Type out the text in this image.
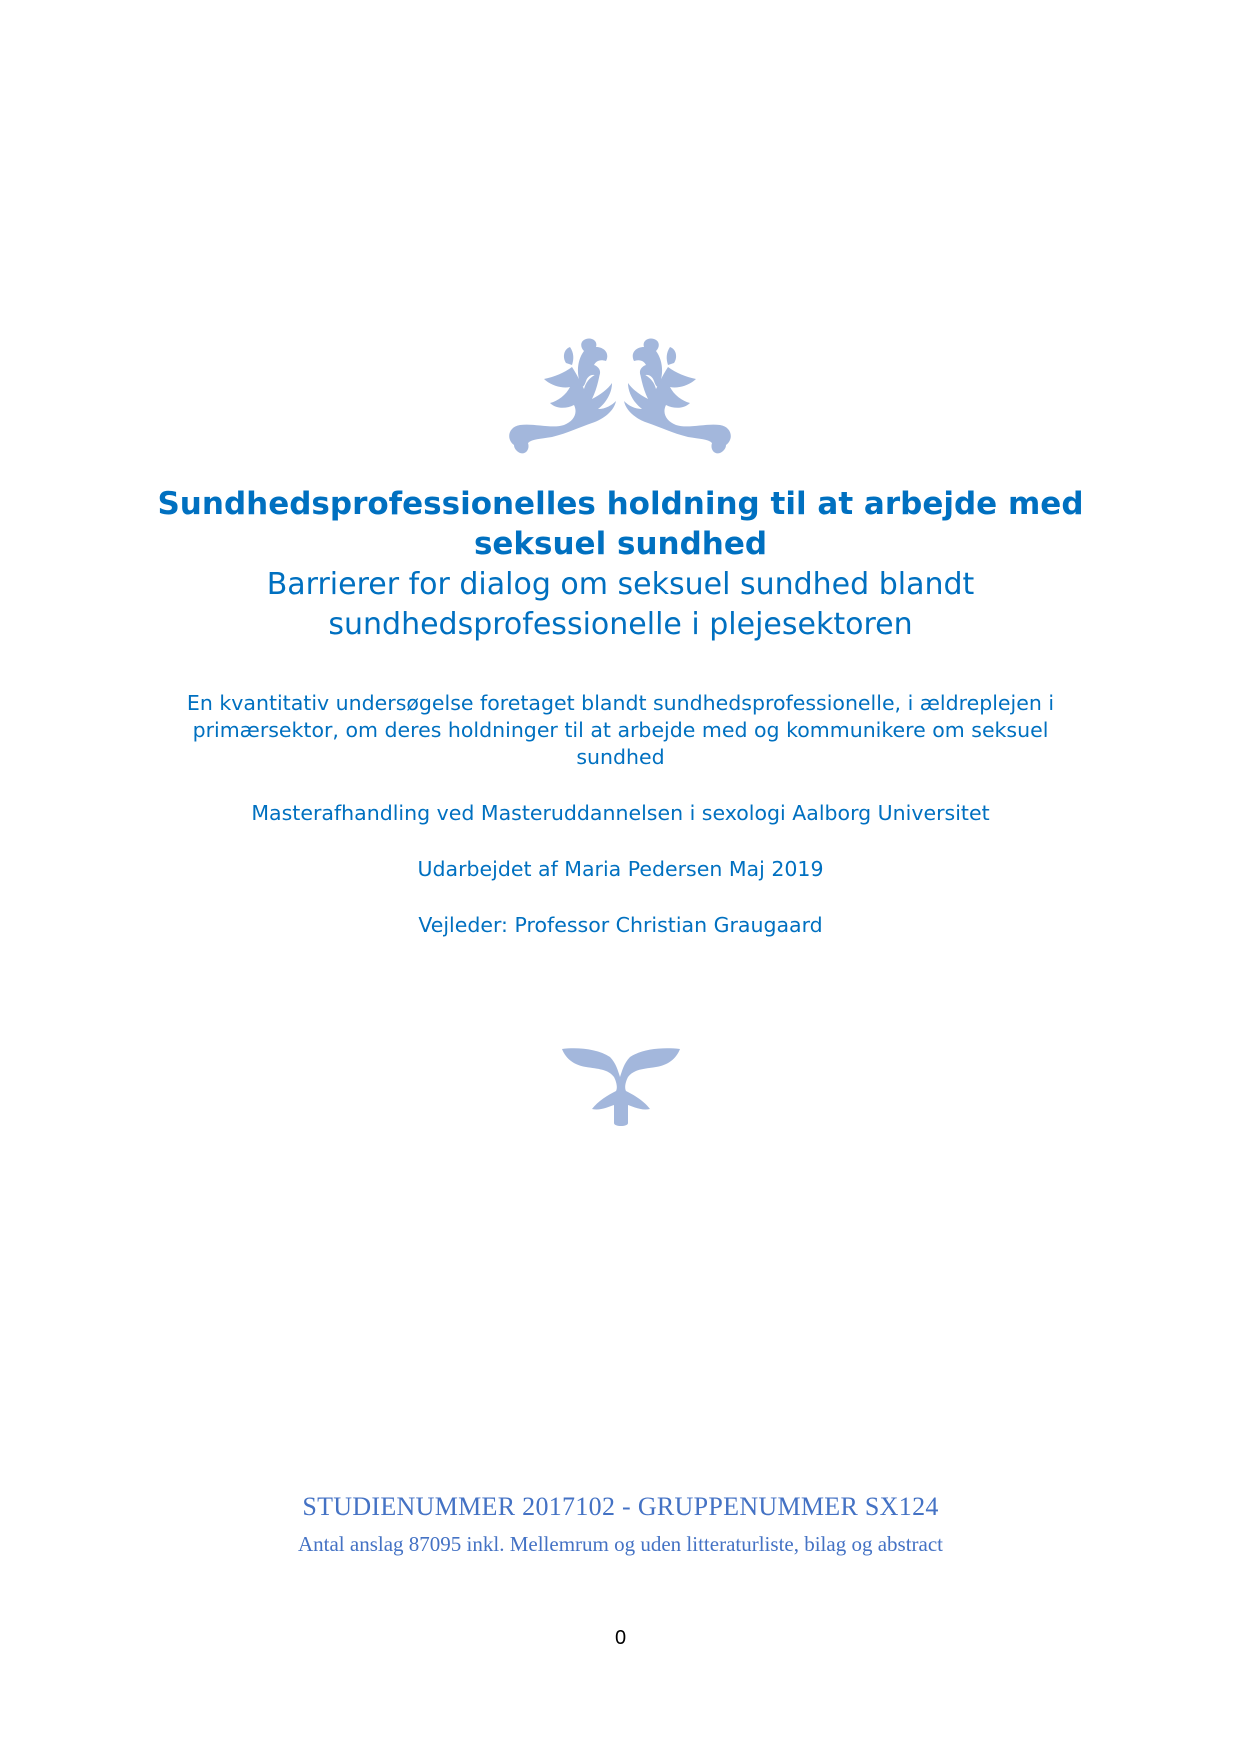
Sundhedsprofessionelles holdning til at arbejde med
seksuel sundhed
Barrierer for dialog om seksuel sundhed blandt
sundhedsprofessionelle i plejesektoren
En kvantitativ undersøgelse foretaget blandt sundhedsprofessionelle, i ældreplejen i
primærsektor, om deres holdninger til at arbejde med og kommunikere om seksuel
sundhed
Masterafhandling ved Masteruddannelsen i sexologi Aalborg Universitet
Udarbejdet af Maria Pedersen Maj 2019
Vejleder: Professor Christian Graugaard
STUDIENUMMER 2017102 - GRUPPENUMMER SX124
Antal anslag 87095 inkl. Mellemrum og uden litteraturliste, bilag og abstract
0
